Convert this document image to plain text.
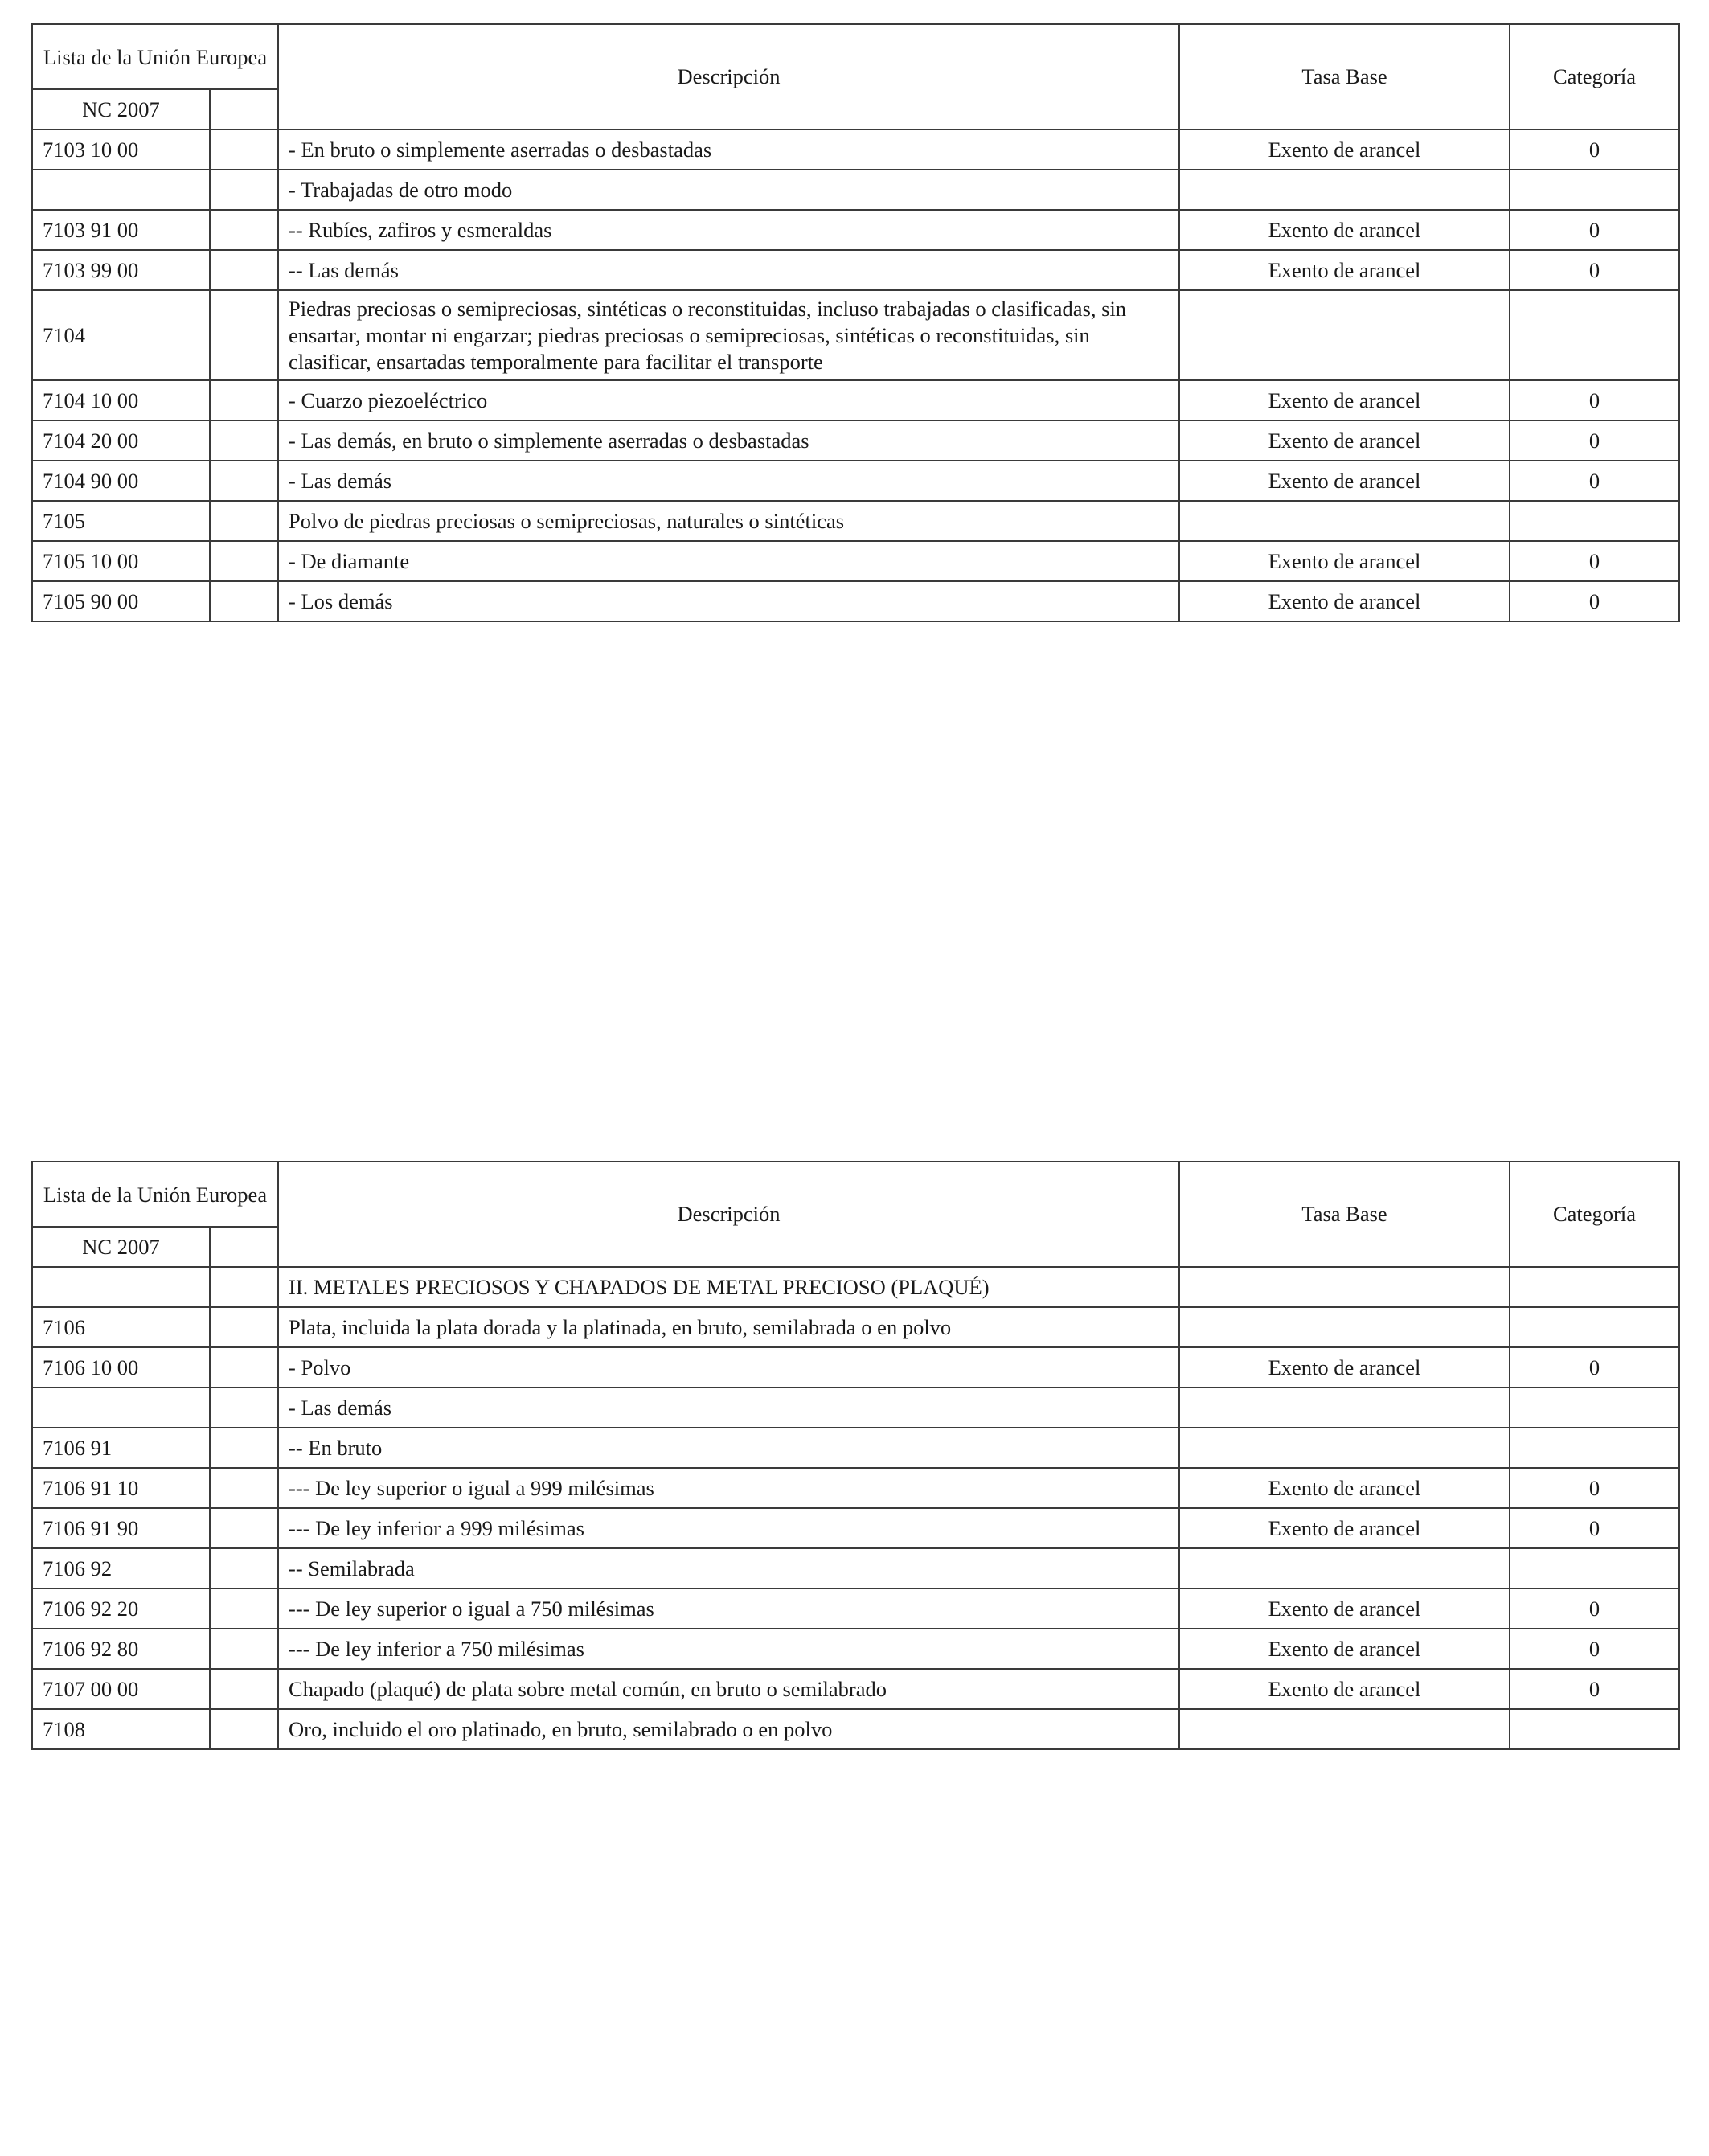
Lista de la Unión Europea		Descripción	Tasa Base	Categoría
NC 2007				
7103 10 00		- En bruto o simplemente aserradas o desbastadas	Exento de arancel	0
		- Trabajadas de otro modo		
7103 91 00		-- Rubíes, zafiros y esmeraldas	Exento de arancel	0
7103 99 00		-- Las demás	Exento de arancel	0
7104		Piedras preciosas o semipreciosas, sintéticas o reconstituidas, incluso trabajadas o clasificadas, sin ensartar, montar ni engarzar; piedras preciosas o semipreciosas, sintéticas o reconstituidas, sin clasificar, ensartadas temporalmente para facilitar el transporte		
7104 10 00		- Cuarzo piezoeléctrico	Exento de arancel	0
7104 20 00		- Las demás, en bruto o simplemente aserradas o desbastadas	Exento de arancel	0
7104 90 00		- Las demás	Exento de arancel	0
7105		Polvo de piedras preciosas o semipreciosas, naturales o sintéticas		
7105 10 00		- De diamante	Exento de arancel	0
7105 90 00		- Los demás	Exento de arancel	0
Lista de la Unión Europea		Descripción	Tasa Base	Categoría
NC 2007				
		II. METALES PRECIOSOS Y CHAPADOS DE METAL PRECIOSO (PLAQUÉ)		
7106		Plata, incluida la plata dorada y la platinada, en bruto, semilabrada o en polvo		
7106 10 00		- Polvo	Exento de arancel	0
		- Las demás		
7106 91		-- En bruto		
7106 91 10		--- De ley superior o igual a 999 milésimas	Exento de arancel	0
7106 91 90		--- De ley inferior a 999 milésimas	Exento de arancel	0
7106 92		-- Semilabrada		
7106 92 20		--- De ley superior o igual a 750 milésimas	Exento de arancel	0
7106 92 80		--- De ley inferior a 750 milésimas	Exento de arancel	0
7107 00 00		Chapado (plaqué) de plata sobre metal común, en bruto o semilabrado	Exento de arancel	0
7108		Oro, incluido el oro platinado, en bruto, semilabrado o en polvo		
